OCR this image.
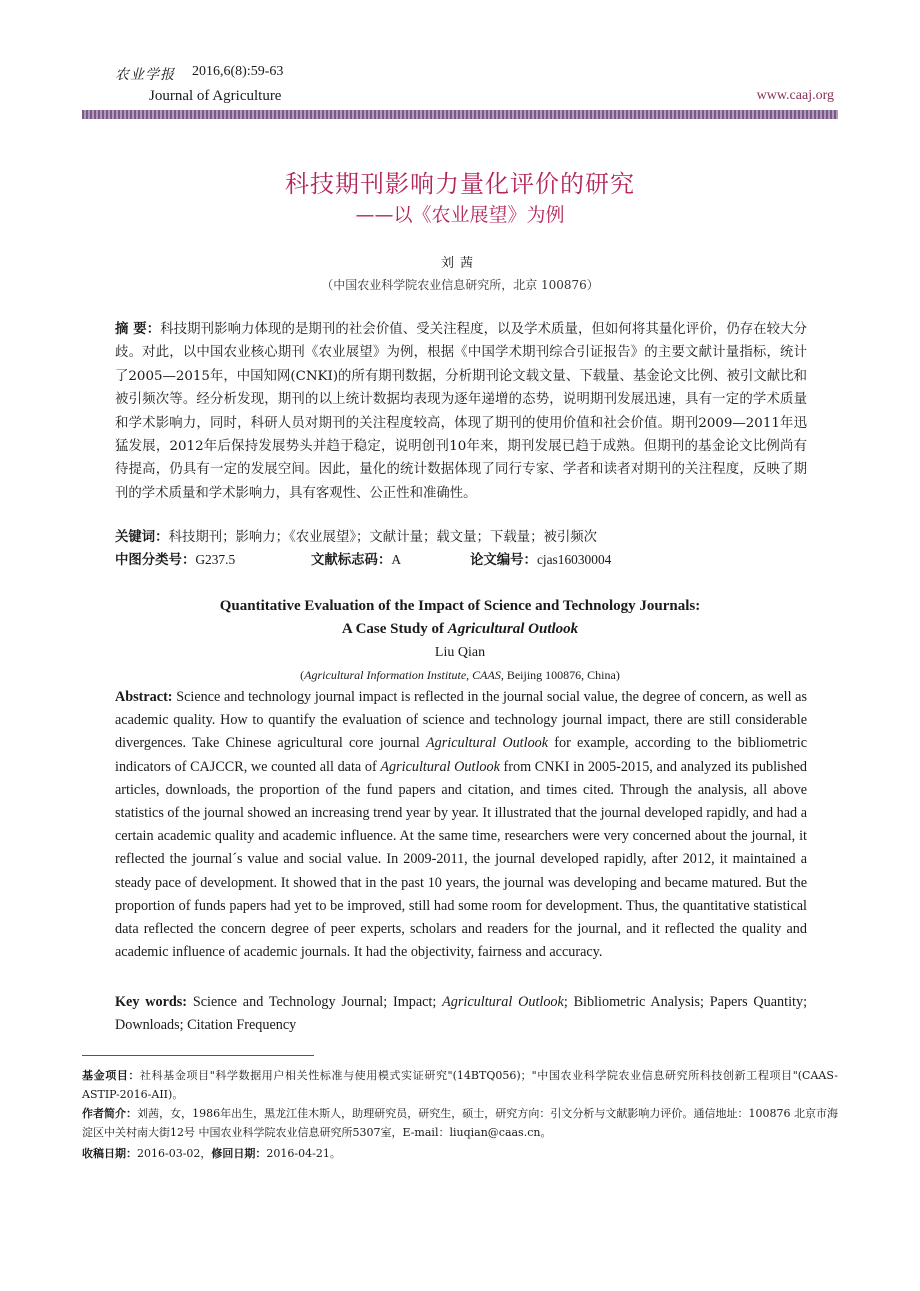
农业学报 2016,6(8):59-63
Journal of Agriculture	www.caaj.org
科技期刊影响力量化评价的研究
——以《农业展望》为例
刘茜
（中国农业科学院农业信息研究所，北京 100876）
摘 要：科技期刊影响力体现的是期刊的社会价值、受关注程度，以及学术质量，但如何将其量化评价，仍存在较大分歧。对此，以中国农业核心期刊《农业展望》为例，根据《中国学术期刊综合引证报告》的主要文献计量指标，统计了2005—2015年，中国知网(CNKI)的所有期刊数据，分析期刊论文载文量、下载量、基金论文比例、被引文献比和被引频次等。经分析发现，期刊的以上统计数据均表现为逐年递增的态势，说明期刊发展迅速，具有一定的学术质量和学术影响力，同时，科研人员对期刊的关注程度较高，体现了期刊的使用价值和社会价值。期刊2009—2011年迅猛发展，2012年后保持发展势头并趋于稳定，说明创刊10年来，期刊发展已趋于成熟。但期刊的基金论文比例尚有待提高，仍具有一定的发展空间。因此，量化的统计数据体现了同行专家、学者和读者对期刊的关注程度，反映了期刊的学术质量和学术影响力，具有客观性、公正性和准确性。
关键词：科技期刊；影响力；《农业展望》；文献计量；载文量；下载量；被引频次
中图分类号：G237.5	文献标志码：A	论文编号：cjas16030004
Quantitative Evaluation of the Impact of Science and Technology Journals:
A Case Study of Agricultural Outlook
Liu Qian
(Agricultural Information Institute, CAAS, Beijing 100876, China)
Abstract: Science and technology journal impact is reflected in the journal social value, the degree of concern, as well as academic quality. How to quantify the evaluation of science and technology journal impact, there are still considerable divergences. Take Chinese agricultural core journal Agricultural Outlook for example, according to the bibliometric indicators of CAJCCR, we counted all data of Agricultural Outlook from CNKI in 2005-2015, and analyzed its published articles, downloads, the proportion of the fund papers and citation, and times cited. Through the analysis, all above statistics of the journal showed an increasing trend year by year. It illustrated that the journal developed rapidly, and had a certain academic quality and academic influence. At the same time, researchers were very concerned about the journal, it reflected the journal´s value and social value. In 2009-2011, the journal developed rapidly, after 2012, it maintained a steady pace of development. It showed that in the past 10 years, the journal was developing and became matured. But the proportion of funds papers had yet to be improved, still had some room for development. Thus, the quantitative statistical data reflected the concern degree of peer experts, scholars and readers for the journal, and it reflected the quality and academic influence of academic journals. It had the objectivity, fairness and accuracy.
Key words: Science and Technology Journal; Impact; Agricultural Outlook; Bibliometric Analysis; Papers Quantity; Downloads; Citation Frequency
基金项目：社科基金项目"科学数据用户相关性标准与使用模式实证研究"(14BTQ056)；"中国农业科学院农业信息研究所科技创新工程项目"(CAAS-ASTIP-2016-AII)。
作者简介：刘茜，女，1986年出生，黑龙江佳木斯人，助理研究员，研究生，硕士，研究方向：引文分析与文献影响力评价。通信地址：100876 北京市海淀区中关村南大街12号 中国农业科学院农业信息研究所5307室，E-mail：liuqian@caas.cn。
收稿日期：2016-03-02，修回日期：2016-04-21。
